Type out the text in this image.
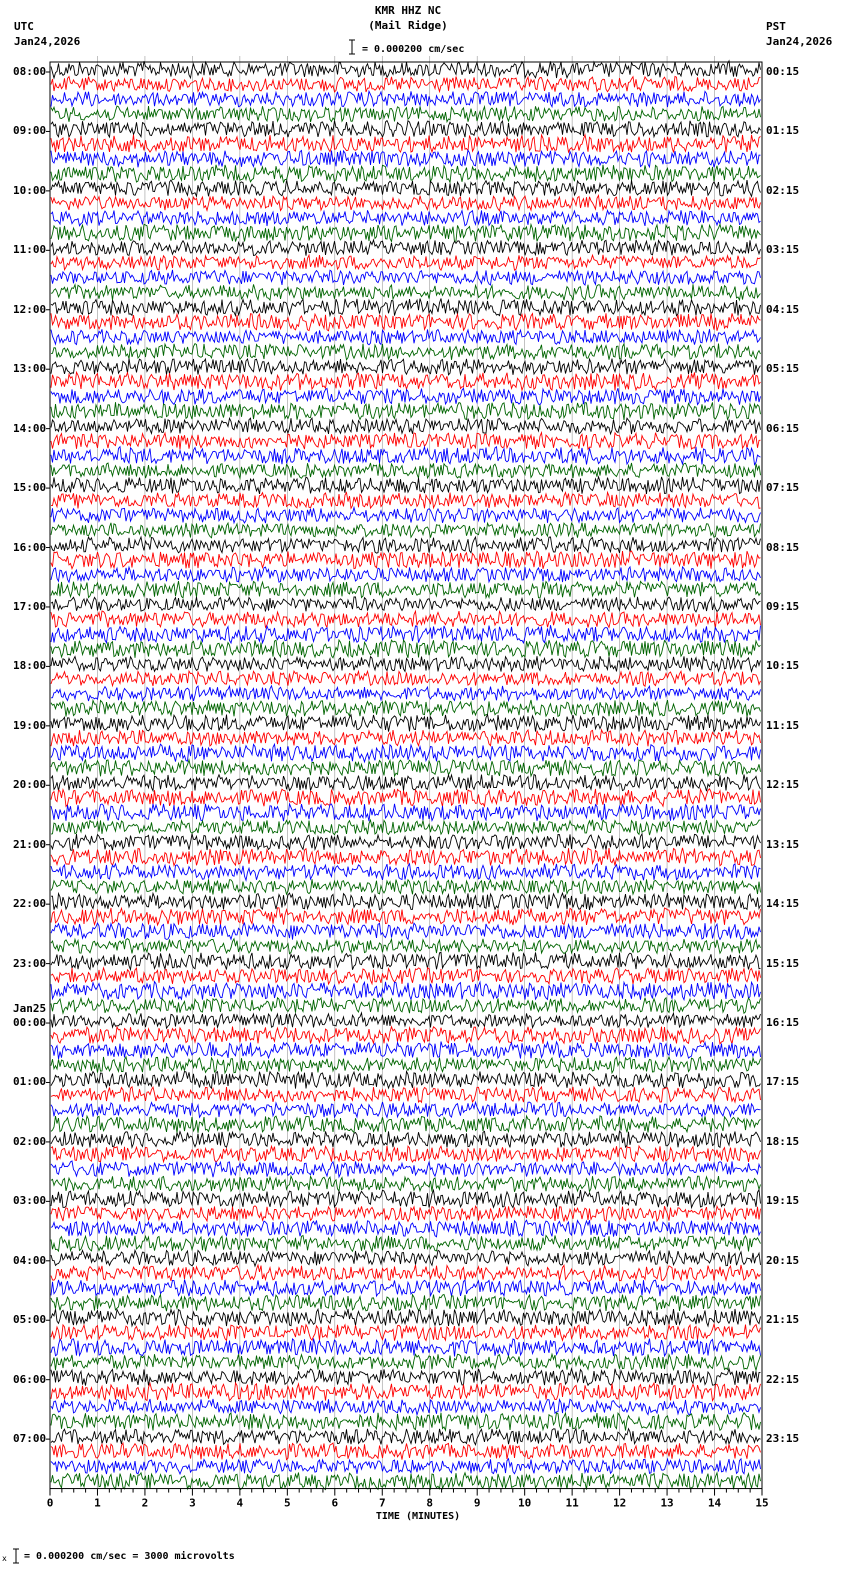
KMR HHZ NC
(Mail Ridge)
= 0.000200 cm/sec
UTC
Jan24,2026
PST
Jan24,2026
0	1	2	3	4	5	6	7	8	9	10	11	12	13	14	15
08:00	00:15
09:00	01:15
10:00	02:15
11:00	03:15
12:00	04:15
13:00	05:15
14:00	06:15
15:00	07:15
16:00	08:15
17:00	09:15
18:00	10:15
19:00	11:15
20:00	12:15
21:00	13:15
22:00	14:15
23:00	15:15
00:00	16:15
01:00	17:15
02:00	18:15
03:00	19:15
04:00	20:15
05:00	21:15
06:00	22:15
07:00	23:15
Jan25
TIME (MINUTES)
x = 0.000200 cm/sec = 3000 microvolts
